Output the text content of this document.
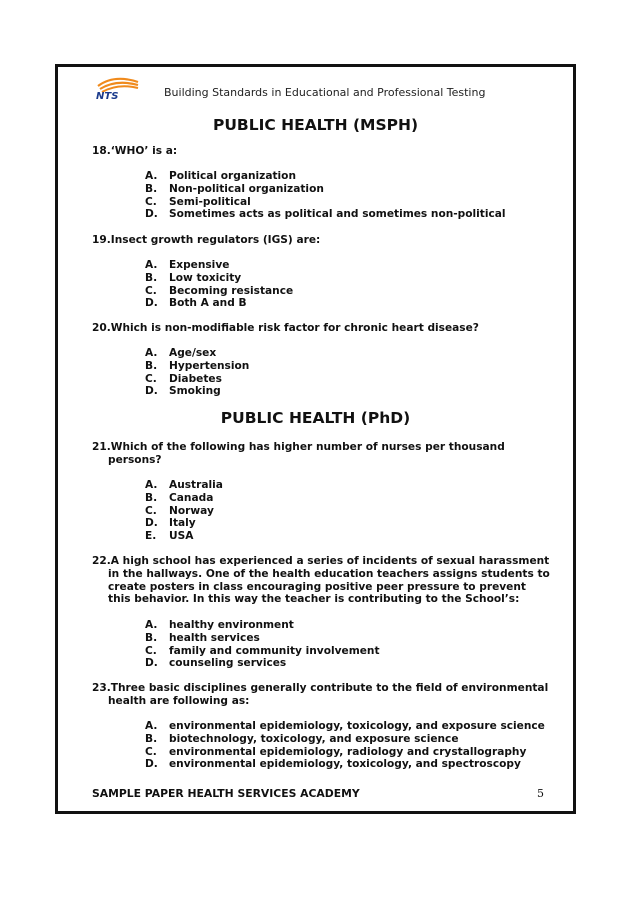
NTS	Building Standards in Educational and Professional Testing
PUBLIC HEALTH (MSPH)
18.‘WHO’ is a:
A. Political organization
B. Non-political organization
C. Semi-political
D. Sometimes acts as political and sometimes non-political
19.Insect growth regulators (IGS) are:
A. Expensive
B. Low toxicity
C. Becoming resistance
D. Both A and B
20.Which is non-modifiable risk factor for chronic heart disease?
A. Age/sex
B. Hypertension
C. Diabetes
D. Smoking
PUBLIC HEALTH (PhD)
21.Which of the following has higher number of nurses per thousand
persons?
A. Australia
B. Canada
C. Norway
D. Italy
E. USA
22.A high school has experienced a series of incidents of sexual harassment
in the hallways. One of the health education teachers assigns students to
create posters in class encouraging positive peer pressure to prevent
this behavior. In this way the teacher is contributing to the School’s:
A. healthy environment
B. health services
C. family and community involvement
D. counseling services
23.Three basic disciplines generally contribute to the field of environmental
health are following as:
A. environmental epidemiology, toxicology, and exposure science
B. biotechnology, toxicology, and exposure science
C. environmental epidemiology, radiology and crystallography
D. environmental epidemiology, toxicology, and spectroscopy
SAMPLE PAPER HEALTH SERVICES ACADEMY	5
